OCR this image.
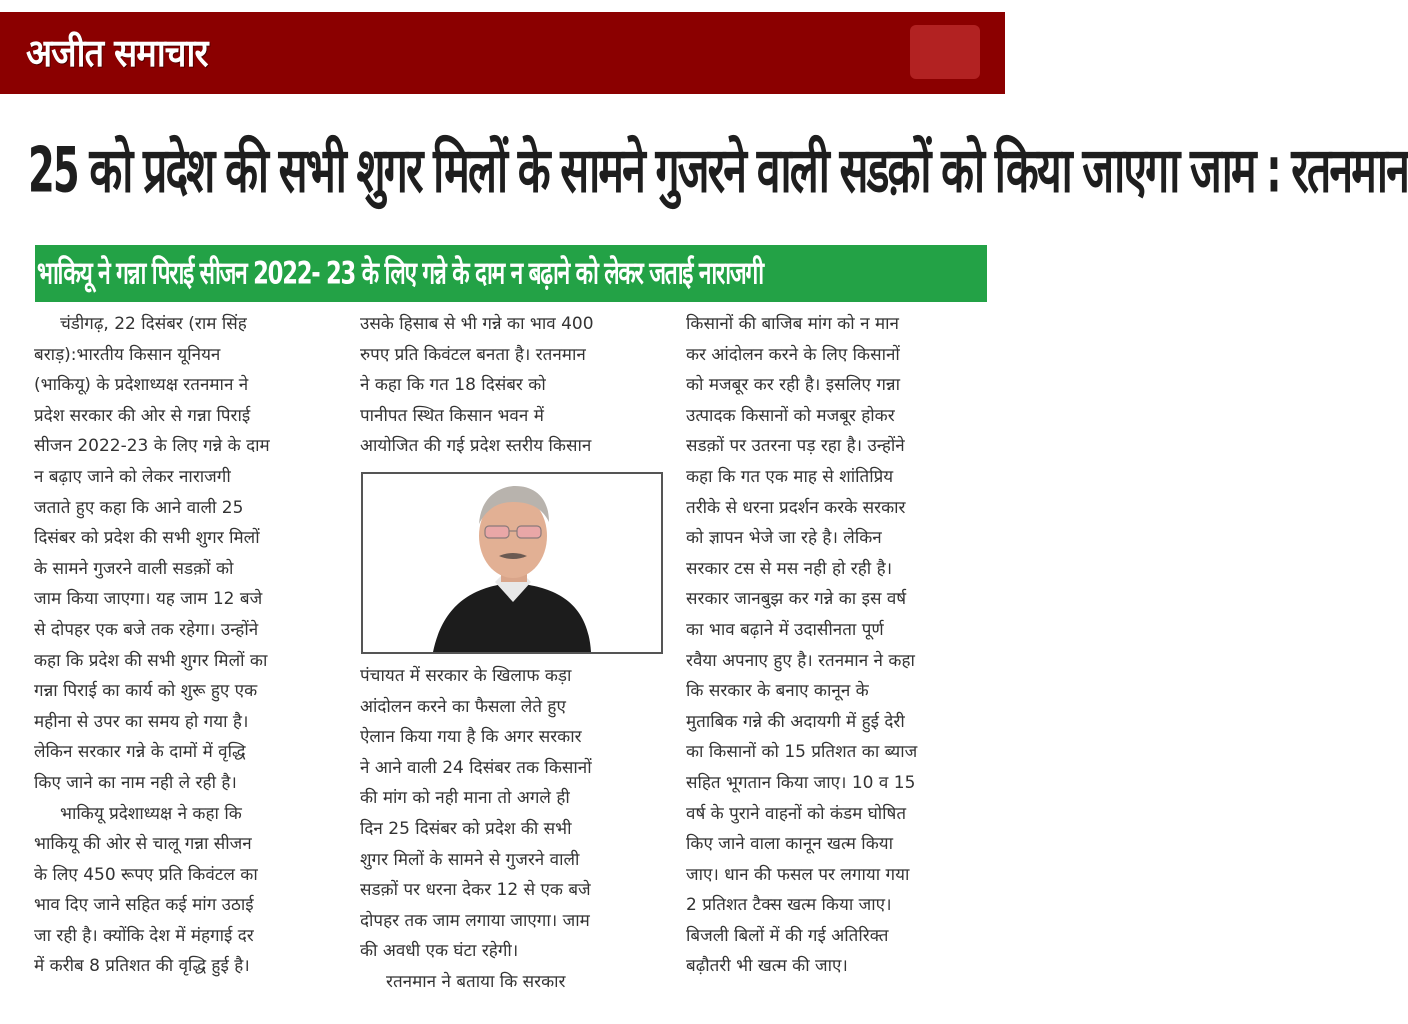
अजीत समाचार
25 को प्रदेश की सभी शुगर मिलों के सामने गुजरने वाली सडक़ों को किया जाएगा जाम : रतनमान
भाकियू ने गन्ना पिराई सीजन 2022- 23 के लिए गन्ने के दाम न बढ़ाने को लेकर जताई नाराजगी
चंडीगढ़, 22 दिसंबर (राम सिंह
बराड़):भारतीय किसान यूनियन
(भाकियू) के प्रदेशाध्यक्ष रतनमान ने
प्रदेश सरकार की ओर से गन्ना पिराई
सीजन 2022-23 के लिए गन्ने के दाम
न बढ़ाए जाने को लेकर नाराजगी
जताते हुए कहा कि आने वाली 25
दिसंबर को प्रदेश की सभी शुगर मिलों
के सामने गुजरने वाली सडक़ों को
जाम किया जाएगा। यह जाम 12 बजे
से दोपहर एक बजे तक रहेगा। उन्होंने
कहा कि प्रदेश की सभी शुगर मिलों का
गन्ना पिराई का कार्य को शुरू हुए एक
महीना से उपर का समय हो गया है।
लेकिन सरकार गन्ने के दामों में वृद्धि
किए जाने का नाम नही ले रही है।
भाकियू प्रदेशाध्यक्ष ने कहा कि
भाकियू की ओर से चालू गन्ना सीजन
के लिए 450 रूपए प्रति किवंटल का
भाव दिए जाने सहित कई मांग उठाई
जा रही है। क्योंकि देश में मंहगाई दर
में करीब 8 प्रतिशत की वृद्धि हुई है।
उसके हिसाब से भी गन्ने का भाव 400
रुपए प्रति किवंटल बनता है। रतनमान
ने कहा कि गत 18 दिसंबर को
पानीपत स्थित किसान भवन में
आयोजित की गई प्रदेश स्तरीय किसान
पंचायत में सरकार के खिलाफ कड़ा
आंदोलन करने का फैसला लेते हुए
ऐलान किया गया है कि अगर सरकार
ने आने वाली 24 दिसंबर तक किसानों
की मांग को नही माना तो अगले ही
दिन 25 दिसंबर को प्रदेश की सभी
शुगर मिलों के सामने से गुजरने वाली
सडक़ों पर धरना देकर 12 से एक बजे
दोपहर तक जाम लगाया जाएगा। जाम
की अवधी एक घंटा रहेगी।
रतनमान ने बताया कि सरकार
किसानों की बाजिब मांग को न मान
कर आंदोलन करने के लिए किसानों
को मजबूर कर रही है। इसलिए गन्ना
उत्पादक किसानों को मजबूर होकर
सडक़ों पर उतरना पड़ रहा है। उन्होंने
कहा कि गत एक माह से शांतिप्रिय
तरीके से धरना प्रदर्शन करके सरकार
को ज्ञापन भेजे जा रहे है। लेकिन
सरकार टस से मस नही हो रही है।
सरकार जानबुझ कर गन्ने का इस वर्ष
का भाव बढ़ाने में उदासीनता पूर्ण
रवैया अपनाए हुए है। रतनमान ने कहा
कि सरकार के बनाए कानून के
मुताबिक गन्ने की अदायगी में हुई देरी
का किसानों को 15 प्रतिशत का ब्याज
सहित भूगतान किया जाए। 10 व 15
वर्ष के पुराने वाहनों को कंडम घोषित
किए जाने वाला कानून खत्म किया
जाए। धान की फसल पर लगाया गया
2 प्रतिशत टैक्स खत्म किया जाए।
बिजली बिलों में की गई अतिरिक्त
बढ़ौतरी भी खत्म की जाए।
